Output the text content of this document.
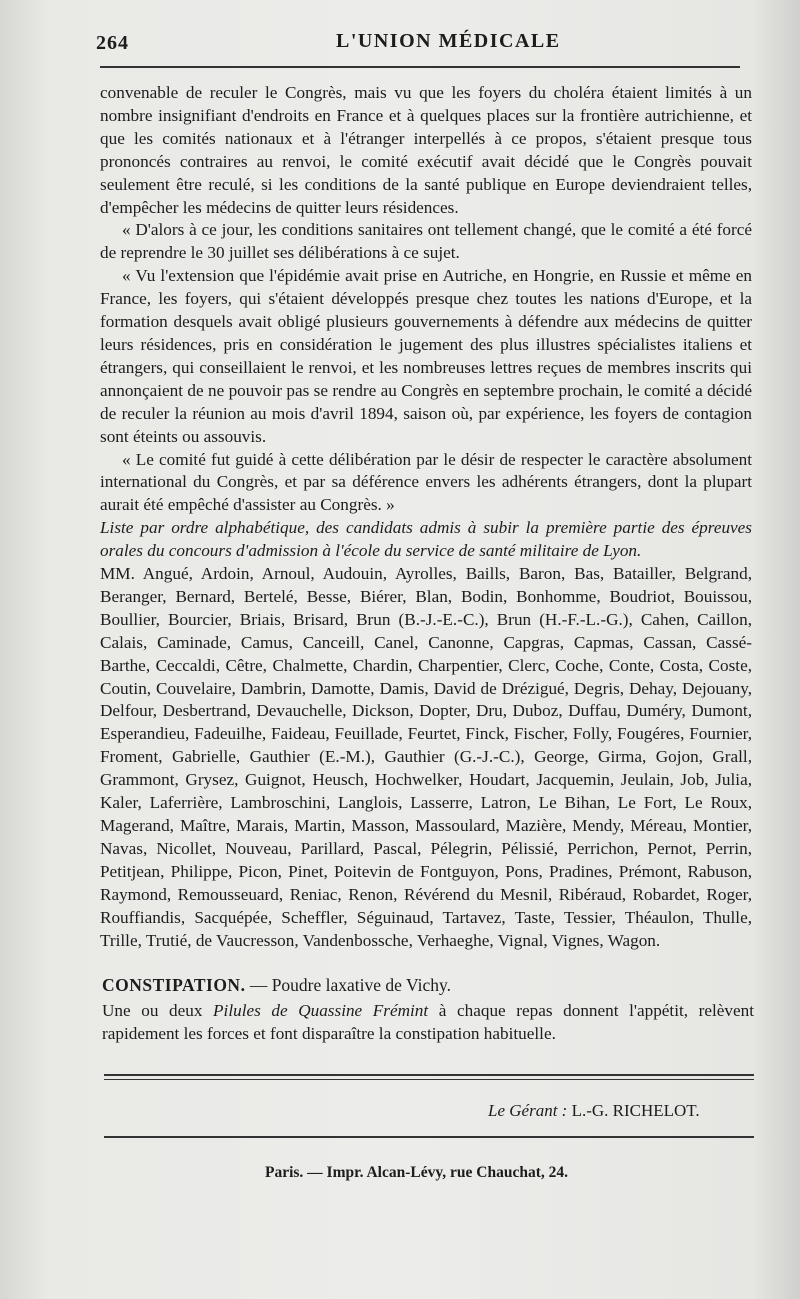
264	L'UNION MÉDICALE

convenable de reculer le Congrès, mais vu que les foyers du choléra étaient limités à un nombre insignifiant d'endroits en France et à quelques places sur la frontière autrichienne, et que les comités nationaux et à l'étranger interpellés à ce propos, s'étaient presque tous prononcés contraires au renvoi, le comité exécutif avait décidé que le Congrès pouvait seulement être reculé, si les conditions de la santé publique en Europe deviendraient telles, d'empêcher les médecins de quitter leurs résidences.

« D'alors à ce jour, les conditions sanitaires ont tellement changé, que le comité a été forcé de reprendre le 30 juillet ses délibérations à ce sujet.

« Vu l'extension que l'épidémie avait prise en Autriche, en Hongrie, en Russie et même en France, les foyers, qui s'étaient développés presque chez toutes les nations d'Europe, et la formation desquels avait obligé plusieurs gouvernements à défendre aux médecins de quitter leurs résidences, pris en considération le jugement des plus illustres spécialistes italiens et étrangers, qui conseillaient le renvoi, et les nombreuses lettres reçues de membres inscrits qui annonçaient de ne pouvoir pas se rendre au Congrès en septembre prochain, le comité a décidé de reculer la réunion au mois d'avril 1894, saison où, par expérience, les foyers de contagion sont éteints ou assouvis.

« Le comité fut guidé à cette délibération par le désir de respecter le caractère absolument international du Congrès, et par sa déférence envers les adhérents étrangers, dont la plupart aurait été empêché d'assister au Congrès. »

Liste par ordre alphabétique, des candidats admis à subir la première partie des épreuves orales du concours d'admission à l'école du service de santé militaire de Lyon.

MM. Angué, Ardoin, Arnoul, Audouin, Ayrolles, Baills, Baron, Bas, Batailler, Belgrand, Beranger, Bernard, Bertelé, Besse, Biérer, Blan, Bodin, Bonhomme, Boudriot, Bouissou, Boullier, Bourcier, Briais, Brisard, Brun (B.-J.-E.-C.), Brun (H.-F.-L.-G.), Cahen, Caillon, Calais, Caminade, Camus, Canceill, Canel, Canonne, Capgras, Capmas, Cassan, Cassé-Barthe, Ceccaldi, Cêtre, Chalmette, Chardin, Charpentier, Clerc, Coche, Conte, Costa, Coste, Coutin, Couvelaire, Dambrin, Damotte, Damis, David de Drézigué, Degris, Dehay, Dejouany, Delfour, Desbertrand, Devauchelle, Dickson, Dopter, Dru, Duboz, Duffau, Duméry, Dumont, Esperandieu, Fadeuilhe, Faideau, Feuillade, Feurtet, Finck, Fischer, Folly, Fougéres, Fournier, Froment, Gabrielle, Gauthier (E.-M.), Gauthier (G.-J.-C.), George, Girma, Gojon, Grall, Grammont, Grysez, Guignot, Heusch, Hochwelker, Houdart, Jacquemin, Jeulain, Job, Julia, Kaler, Laferrière, Lambroschini, Langlois, Lasserre, Latron, Le Bihan, Le Fort, Le Roux, Magerand, Maître, Marais, Martin, Masson, Massoulard, Mazière, Mendy, Méreau, Montier, Navas, Nicollet, Nouveau, Parillard, Pascal, Pélegrin, Pélissié, Perrichon, Pernot, Perrin, Petitjean, Philippe, Picon, Pinet, Poitevin de Fontguyon, Pons, Pradines, Prémont, Rabuson, Raymond, Remousseuard, Reniac, Renon, Révérend du Mesnil, Ribéraud, Robardet, Roger, Rouffiandis, Sacquépée, Scheffler, Séguinaud, Tartavez, Taste, Tessier, Théaulon, Thulle, Trille, Trutié, de Vaucresson, Vandenbossche, Verhaeghe, Vignal, Vignes, Wagon.

CONSTIPATION. — Poudre laxative de Vichy.

Une ou deux Pilules de Quassine Frémint à chaque repas donnent l'appétit, relèvent rapidement les forces et font disparaître la constipation habituelle.

Le Gérant : L.-G. RICHELOT.
Paris. — Impr. Alcan-Lévy, rue Chauchat, 24.
